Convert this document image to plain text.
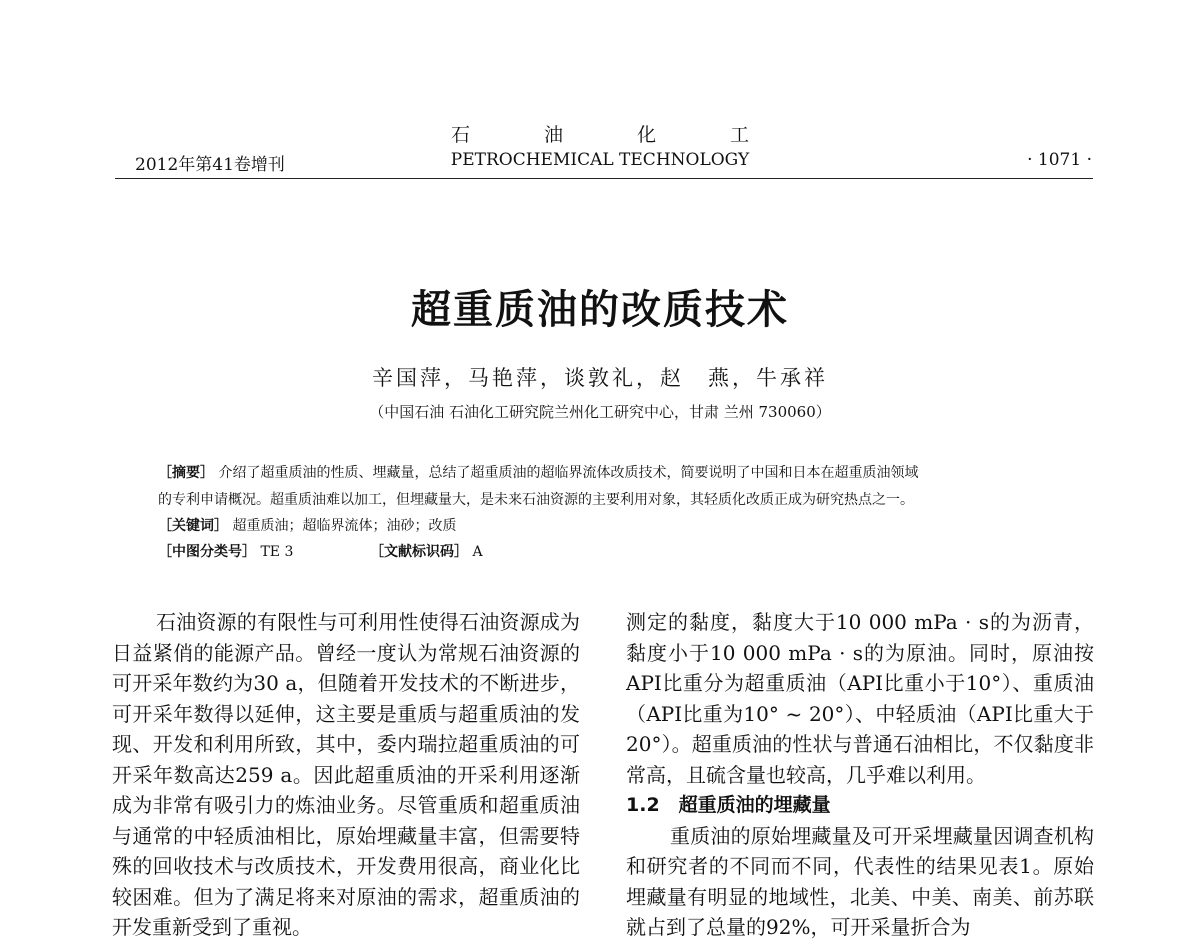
石 油 化 工
2012年第41卷增刊	PETROCHEMICAL TECHNOLOGY	· 1071 ·
超重质油的改质技术
辛国萍，马艳萍，谈敦礼，赵　燕，牛承祥
（中国石油 石油化工研究院兰州化工研究中心，甘肃 兰州 730060）
［摘要］ 介绍了超重质油的性质、埋藏量，总结了超重质油的超临界流体改质技术，简要说明了中国和日本在超重质油领域
的专利申请概况。超重质油难以加工，但埋藏量大，是未来石油资源的主要利用对象，其轻质化改质正成为研究热点之一。
［关键词］ 超重质油；超临界流体；油砂；改质
［中图分类号］ TE 3	［文献标识码］ A

石油资源的有限性与可利用性使得石油资源成为日益紧俏的能源产品。曾经一度认为常规石油资源的可开采年数约为30 a，但随着开发技术的不断进步，可开采年数得以延伸，这主要是重质与超重质油的发现、开发和利用所致，其中，委内瑞拉超重质油的可开采年数高达259 a。因此超重质油的开采利用逐渐成为非常有吸引力的炼油业务。尽管重质和超重质油与通常的中轻质油相比，原始埋藏量丰富，但需要特殊的回收技术与改质技术，开发费用很高，商业化比较困难。但为了满足将来对原油的需求，超重质油的开发重新受到了重视。

测定的黏度，黏度大于10 000 mPa · s的为沥青，黏度小于10 000 mPa · s的为原油。同时，原油按API比重分为超重质油（API比重小于10°）、重质油（API比重为10° ~ 20°）、中轻质油（API比重大于20°）。超重质油的性状与普通石油相比，不仅黏度非常高，且硫含量也较高，几乎难以利用。

1.2　超重质油的埋藏量

重质油的原始埋藏量及可开采埋藏量因调查机构和研究者的不同而不同，代表性的结果见表1。原始埋藏量有明显的地域性，北美、中美、南美、前苏联就占到了总量的92%，可开采量折合为
